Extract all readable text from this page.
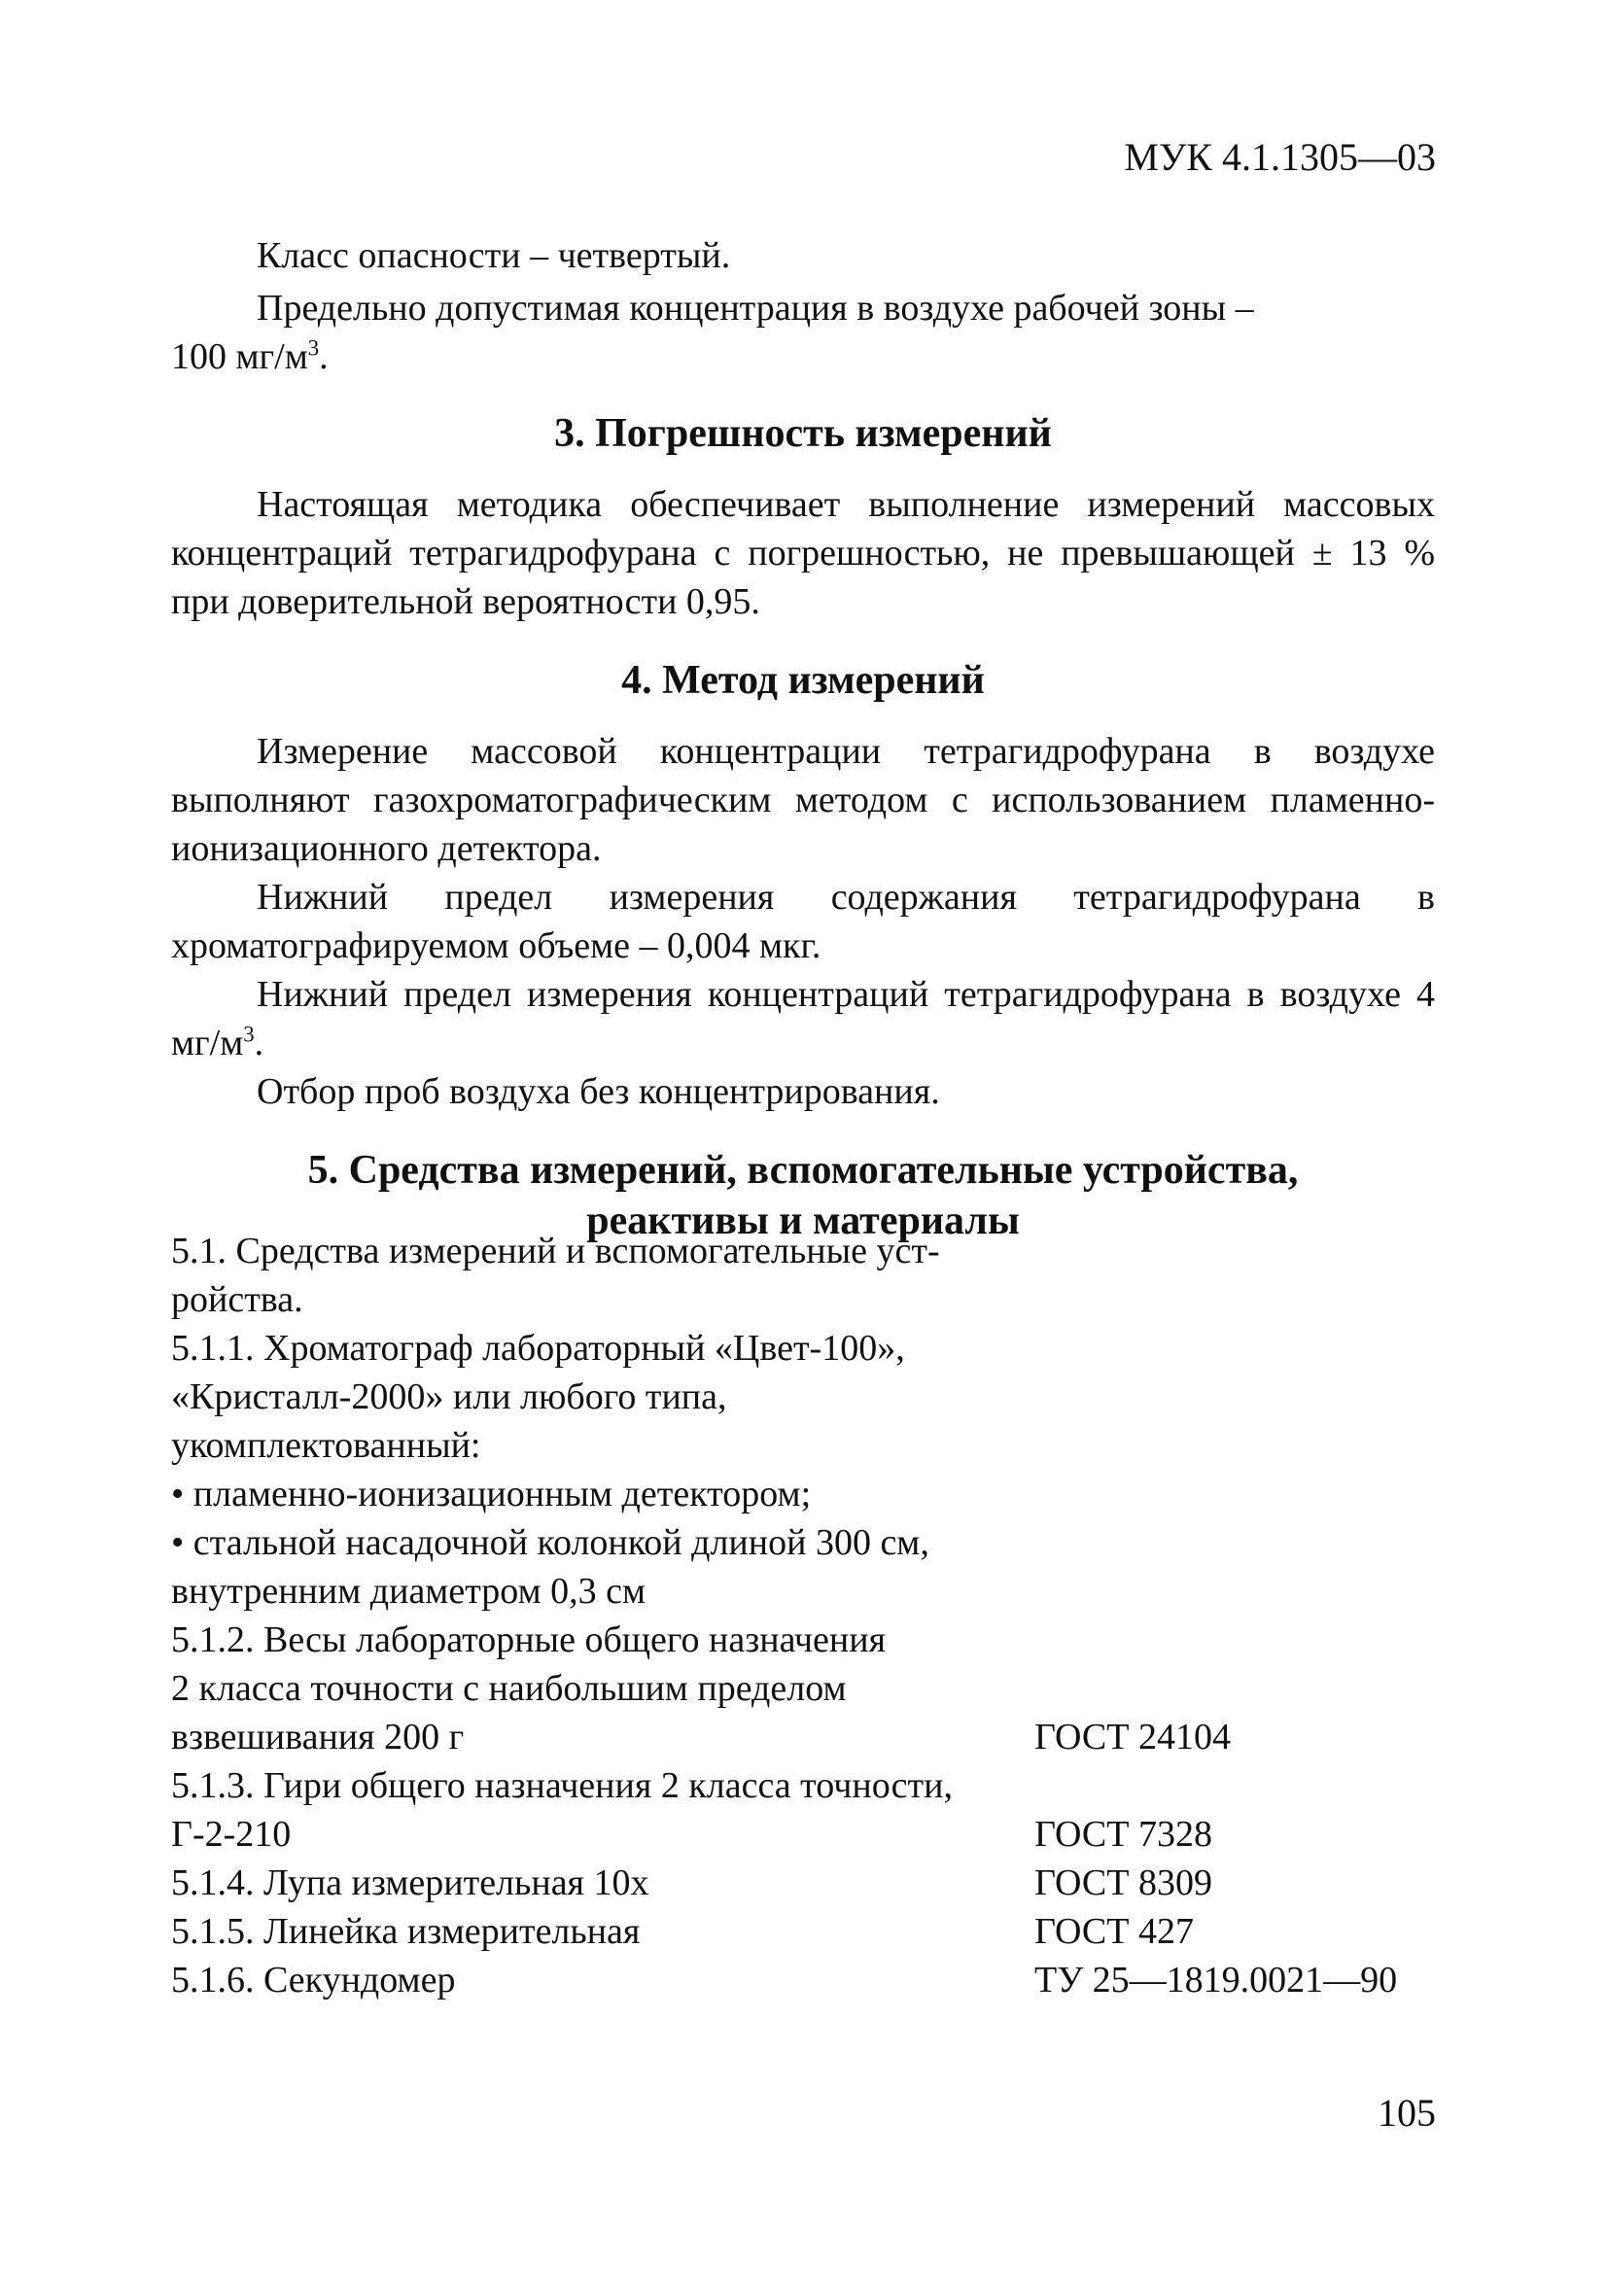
МУК 4.1.1305—03

Класс опасности – четвертый.

Предельно допустимая концентрация в воздухе рабочей зоны –

100 $мг/м^3$.

3. Погрешность измерений

Настоящая методика обеспечивает выполнение измерений массовых концентраций тетрагидрофурана с погрешностью, не превышающей ± 13 % при доверительной вероятности 0,95.

4. Метод измерений

Измерение массовой концентрации тетрагидрофурана в воздухе выполняют газохроматографическим методом с использованием пламенно-ионизационного детектора.

Нижний предел измерения содержания тетрагидрофурана в хроматографируемом объеме – 0,004 мкг.

Нижний предел измерения концентраций тетрагидрофурана в воздухе 4 $мг/м^3$.

Отбор проб воздуха без концентрирования.

5. Средства измерений, вспомогательные устройства,
реактивы и материалы
5.1. Средства измерений и вспомогательные уст-
ройства.
5.1.1. Хроматограф лабораторный «Цвет-100»,
«Кристалл-2000» или любого типа,
укомплектованный:
• пламенно-ионизационным детектором;
• стальной насадочной колонкой длиной 300 см,
внутренним диаметром 0,3 см
5.1.2. Весы лабораторные общего назначения
2 класса точности с наибольшим пределом
взвешивания 200 г	ГОСТ 24104
5.1.3. Гири общего назначения 2 класса точности,
Г-2-210	ГОСТ 7328
5.1.4. Лупа измерительная 10х	ГОСТ 8309
5.1.5. Линейка измерительная	ГОСТ 427
5.1.6. Секундомер	ТУ 25—1819.0021—90
105
